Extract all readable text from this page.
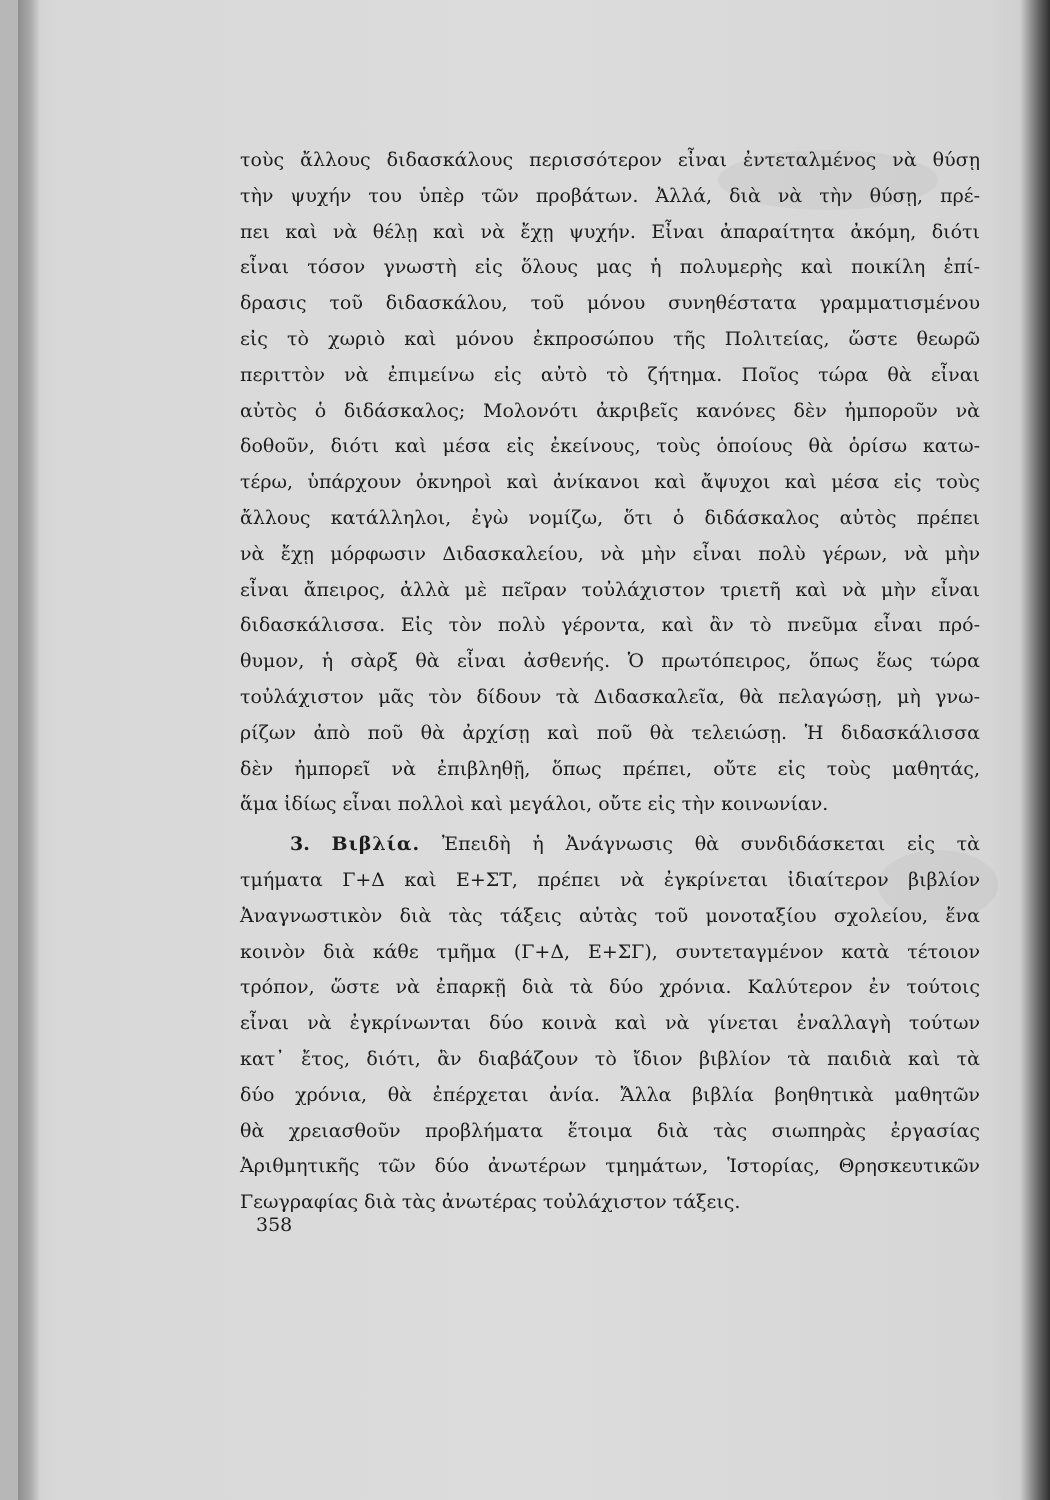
τοὺς ἄλλους διδασκάλους περισσότερον εἶναι ἐντεταλμένος νὰ θύσῃ
τὴν ψυχήν του ὑπὲρ τῶν προβάτων. Ἀλλά, διὰ νὰ τὴν θύσῃ, πρέ-
πει καὶ νὰ θέλῃ καὶ νὰ ἔχῃ ψυχήν. Εἶναι ἀπαραίτητα ἀκόμη, διότι
εἶναι τόσον γνωστὴ εἰς ὅλους μας ἡ πολυμερὴς καὶ ποικίλη ἐπί-
δρασις τοῦ διδασκάλου, τοῦ μόνου συνηθέστατα γραμματισμένου
εἰς τὸ χωριὸ καὶ μόνου ἐκπροσώπου τῆς Πολιτείας, ὥστε θεωρῶ
περιττὸν νὰ ἐπιμείνω εἰς αὐτὸ τὸ ζήτημα. Ποῖος τώρα θὰ εἶναι
αὐτὸς ὁ διδάσκαλος; Μολονότι ἀκριβεῖς κανόνες δὲν ἠμποροῦν νὰ
δοθοῦν, διότι καὶ μέσα εἰς ἐκείνους, τοὺς ὁποίους θὰ ὁρίσω κατω-
τέρω, ὑπάρχουν ὀκνηροὶ καὶ ἀνίκανοι καὶ ἄψυχοι καὶ μέσα εἰς τοὺς
ἄλλους κατάλληλοι, ἐγὼ νομίζω, ὅτι ὁ διδάσκαλος αὐτὸς πρέπει
νὰ ἔχῃ μόρφωσιν Διδασκαλείου, νὰ μὴν εἶναι πολὺ γέρων, νὰ μὴν
εἶναι ἄπειρος, ἀλλὰ μὲ πεῖραν τοὐλάχιστον τριετῆ καὶ νὰ μὴν εἶναι
διδασκάλισσα. Εἰς τὸν πολὺ γέροντα, καὶ ἂν τὸ πνεῦμα εἶναι πρό-
θυμον, ἡ σὰρξ θὰ εἶναι ἀσθενής. Ὁ πρωτόπειρος, ὅπως ἕως τώρα
τοὐλάχιστον μᾶς τὸν δίδουν τὰ Διδασκαλεῖα, θὰ πελαγώσῃ, μὴ γνω-
ρίζων ἀπὸ ποῦ θὰ ἀρχίσῃ καὶ ποῦ θὰ τελειώσῃ. Ἡ διδασκάλισσα
δὲν ἠμπορεῖ νὰ ἐπιβληθῇ, ὅπως πρέπει, οὔτε εἰς τοὺς μαθητάς,
ἅμα ἰδίως εἶναι πολλοὶ καὶ μεγάλοι, οὔτε εἰς τὴν κοινωνίαν.
3. Βιβλία. Ἐπειδὴ ἡ Ἀνάγνωσις θὰ συνδιδάσκεται εἰς τὰ
τμήματα Γ+Δ καὶ Ε+ΣΤ, πρέπει νὰ ἐγκρίνεται ἰδιαίτερον βιβλίον
Ἀναγνωστικὸν διὰ τὰς τάξεις αὐτὰς τοῦ μονοταξίου σχολείου, ἕνα
κοινὸν διὰ κάθε τμῆμα (Γ+Δ, Ε+ΣΓ), συντεταγμένον κατὰ τέτοιον
τρόπον, ὥστε νὰ ἐπαρκῇ διὰ τὰ δύο χρόνια. Καλύτερον ἐν τούτοις
εἶναι νὰ ἐγκρίνωνται δύο κοινὰ καὶ νὰ γίνεται ἐναλλαγὴ τούτων
κατ᾽ ἔτος, διότι, ἂν διαβάζουν τὸ ἴδιον βιβλίον τὰ παιδιὰ καὶ τὰ
δύο χρόνια, θὰ ἐπέρχεται ἀνία. Ἄλλα βιβλία βοηθητικὰ μαθητῶν
θὰ χρειασθοῦν προβλήματα ἕτοιμα διὰ τὰς σιωπηρὰς ἐργασίας
Ἀριθμητικῆς τῶν δύο ἀνωτέρων τμημάτων, Ἱστορίας, Θρησκευτικῶν
Γεωγραφίας διὰ τὰς ἀνωτέρας τοὐλάχιστον τάξεις.
358
